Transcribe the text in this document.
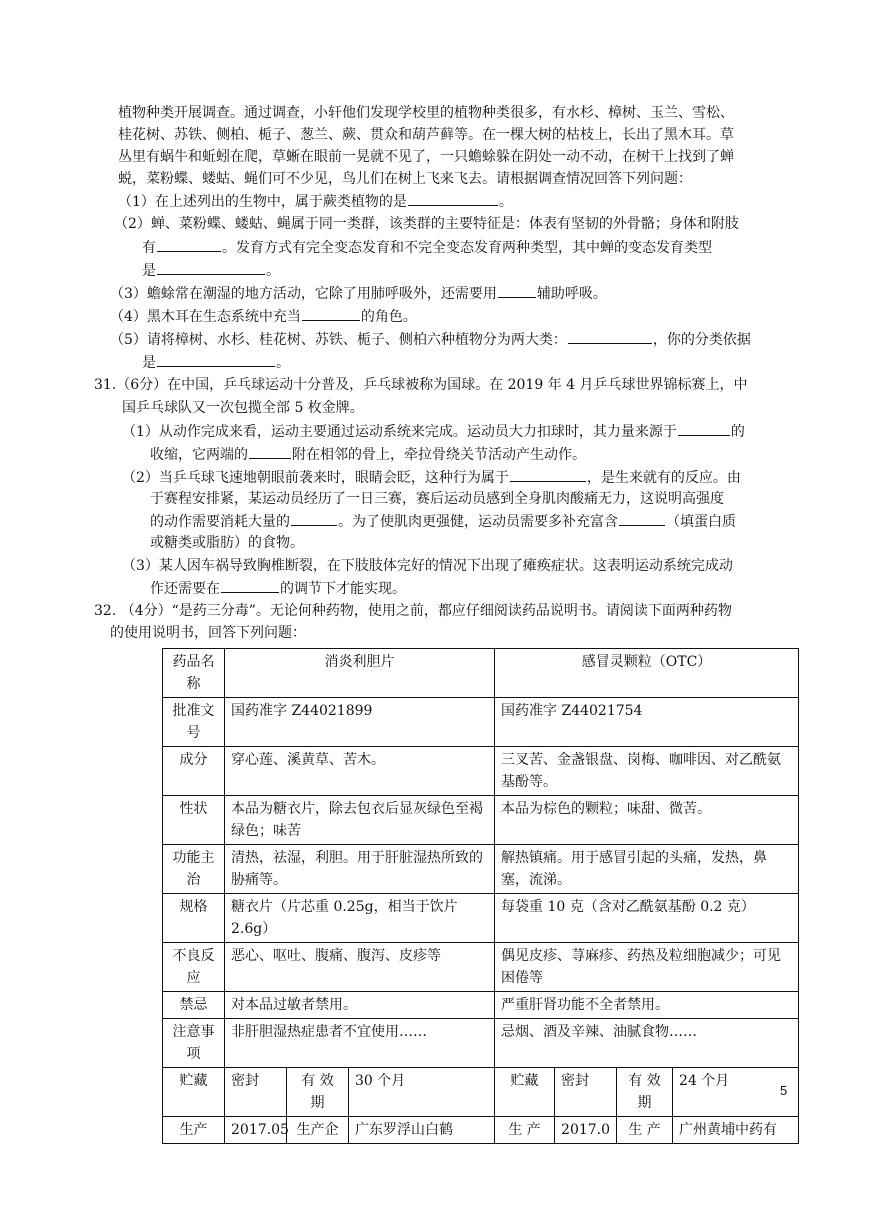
植物种类开展调查。通过调查，小轩他们发现学校里的植物种类很多，有水杉、樟树、玉兰、雪松、
桂花树、苏铁、侧柏、栀子、葱兰、蕨、贯众和葫芦藓等。在一棵大树的枯枝上，长出了黑木耳。草
丛里有蜗牛和蚯蚓在爬，草蜥在眼前一晃就不见了，一只蟾蜍躲在阴处一动不动，在树干上找到了蝉
蜕，菜粉蝶、蝼蛄、蝇们可不少见，鸟儿们在树上飞来飞去。请根据调查情况回答下列问题：
（1）在上述列出的生物中，属于蕨类植物的是	。
（2）蝉、菜粉蝶、蝼蛄、蝇属于同一类群，该类群的主要特征是：体表有坚韧的外骨骼；身体和附肢
有	。发育方式有完全变态发育和不完全变态发育两种类型，其中蝉的变态发育类型
是	。
（3）蟾蜍常在潮湿的地方活动，它除了用肺呼吸外，还需要用	辅助呼吸。
（4）黑木耳在生态系统中充当	的角色。
（5）请将樟树、水杉、桂花树、苏铁、栀子、侧柏六种植物分为两大类：	，你的分类依据
是	。
31.（6分）在中国，乒乓球运动十分普及，乒乓球被称为国球。在 2019 年 4 月乒乓球世界锦标赛上，中
国乒乓球队又一次包揽全部 5 枚金牌。
（1）从动作完成来看，运动主要通过运动系统来完成。运动员大力扣球时，其力量来源于	的
收缩，它两端的	附在相邻的骨上，牵拉骨绕关节活动产生动作。
（2）当乒乓球飞速地朝眼前袭来时，眼睛会眨，这种行为属于	，是生来就有的反应。由
于赛程安排紧，某运动员经历了一日三赛，赛后运动员感到全身肌肉酸痛无力，这说明高强度
的动作需要消耗大量的	。为了使肌肉更强健，运动员需要多补充富含	（填蛋白质
或糖类或脂肪）的食物。
（3）某人因车祸导致胸椎断裂，在下肢肢体完好的情况下出现了瘫痪症状。这表明运动系统完成动
作还需要在	的调节下才能实现。
32. （4分）“是药三分毒”。无论何种药物，使用之前，都应仔细阅读药品说明书。请阅读下面两种药物
的使用说明书，回答下列问题：
药品名称	消炎利胆片			感冒灵颗粒（OTC）			
批准文号	国药准字 Z44021899			国药准字 Z44021754			
成分	穿心莲、溪黄草、苦木。			三叉苦、金盏银盘、岗梅、咖啡因、对乙酰氨基酚等。			
性状	本品为糖衣片，除去包衣后显灰绿色至褐绿色；味苦			本品为棕色的颗粒；味甜、微苦。			
功能主治	清热，祛湿，利胆。用于肝脏湿热所致的胁痛等。			解热镇痛。用于感冒引起的头痛，发热，鼻塞，流涕。			
规格	糖衣片（片芯重 0.25g，相当于饮片 2.6g）			每袋重 10 克（含对乙酰氨基酚 0.2 克）			
不良反应	恶心、呕吐、腹痛、腹泻、皮疹等			偶见皮疹、荨麻疹、药热及粒细胞减少；可见困倦等			
禁忌	对本品过敏者禁用。			严重肝肾功能不全者禁用。			
注意事项	非肝胆湿热症患者不宜使用……			忌烟、酒及辛辣、油腻食物……			
贮藏	密封	有 效 期	30 个月	贮藏	密封	有 效 期	24 个月
生产	2017.05	生产企	广东罗浮山白鹤	生 产	2017.0	生 产	广州黄埔中药有
5
